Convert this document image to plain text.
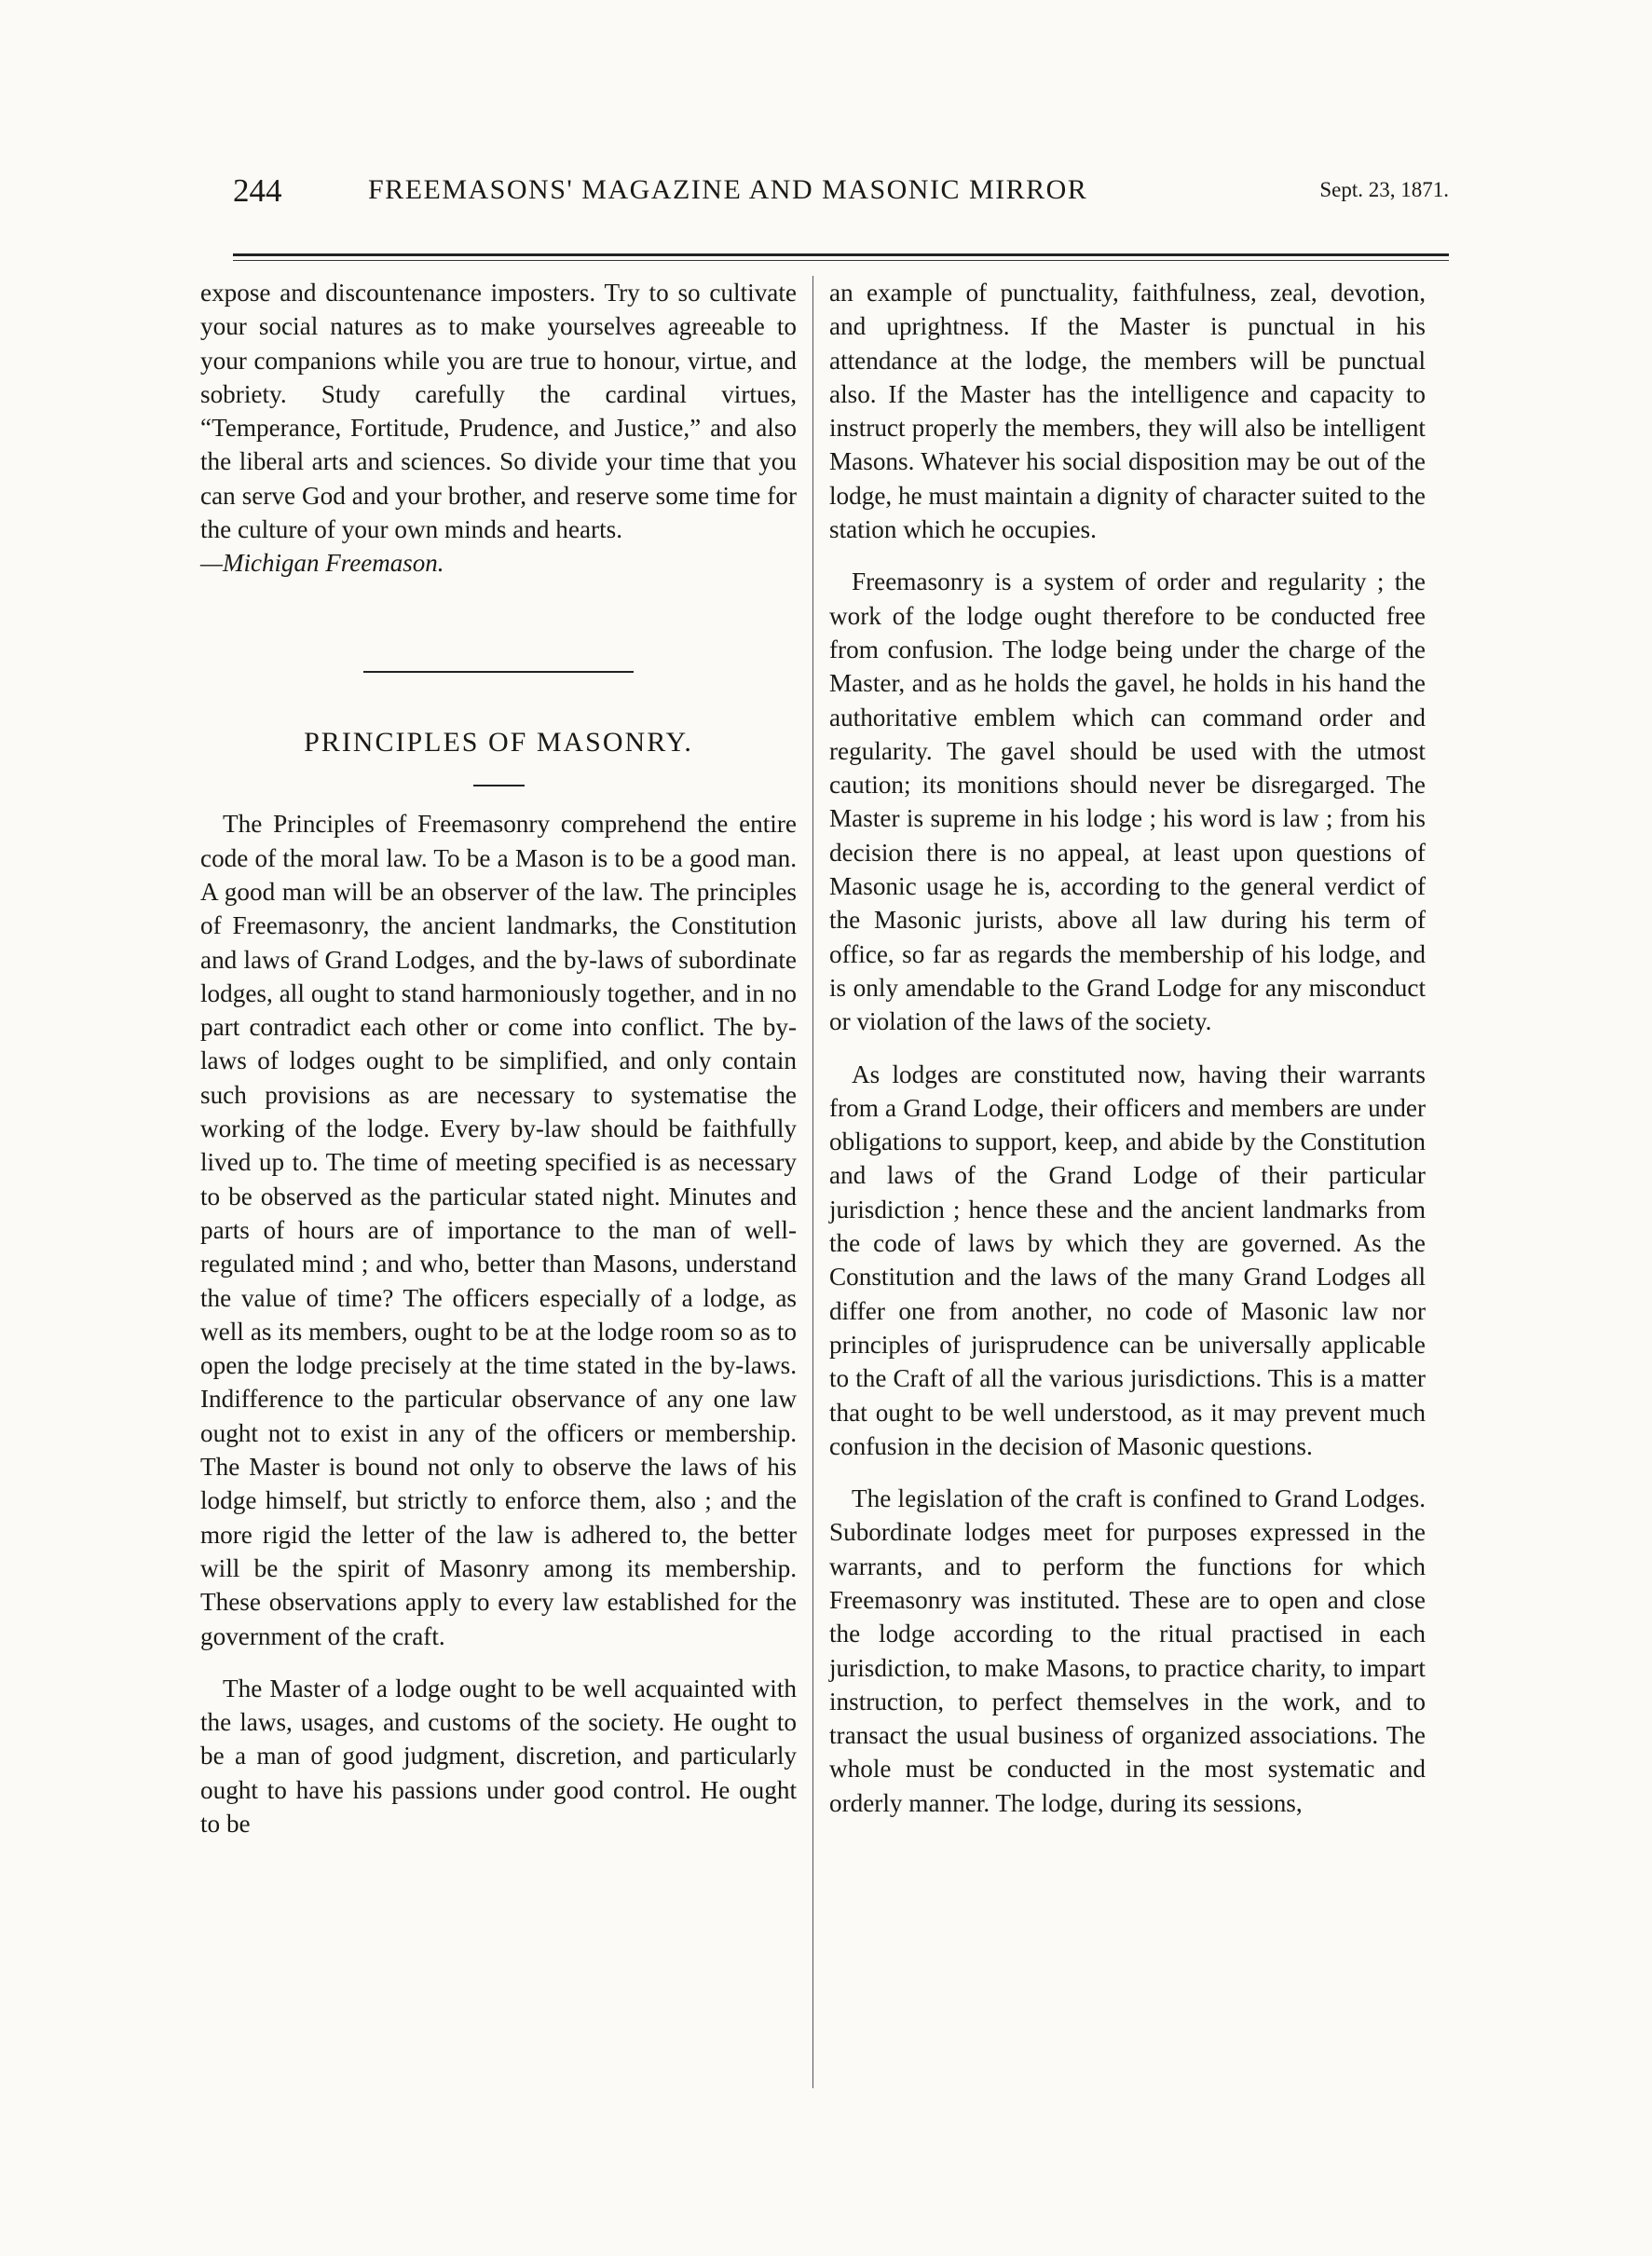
244	FREEMASONS' MAGAZINE AND MASONIC MIRROR	Sept. 23, 1871.

expose and discountenance imposters. Try to so cultivate your social natures as to make yourselves agreeable to your companions while you are true to honour, virtue, and sobriety. Study carefully the cardinal virtues, “Temperance, Fortitude, Prudence, and Justice,” and also the liberal arts and sciences. So divide your time that you can serve God and your brother, and reserve some time for the culture of your own minds and hearts.

—Michigan Freemason.

PRINCIPLES OF MASONRY.

The Principles of Freemasonry comprehend the entire code of the moral law. To be a Mason is to be a good man. A good man will be an observer of the law. The principles of Freemasonry, the ancient landmarks, the Constitution and laws of Grand Lodges, and the by-laws of subordinate lodges, all ought to stand harmoniously together, and in no part contradict each other or come into conflict. The by-laws of lodges ought to be simplified, and only contain such provisions as are necessary to systematise the working of the lodge. Every by-law should be faithfully lived up to. The time of meeting specified is as necessary to be observed as the particular stated night. Minutes and parts of hours are of importance to the man of well-regulated mind ; and who, better than Masons, understand the value of time? The officers especially of a lodge, as well as its members, ought to be at the lodge room so as to open the lodge precisely at the time stated in the by-laws. Indifference to the particular observance of any one law ought not to exist in any of the officers or membership. The Master is bound not only to observe the laws of his lodge himself, but strictly to enforce them, also ; and the more rigid the letter of the law is adhered to, the better will be the spirit of Masonry among its membership. These observations apply to every law established for the government of the craft.

The Master of a lodge ought to be well acquainted with the laws, usages, and customs of the society. He ought to be a man of good judgment, discretion, and particularly ought to have his passions under good control. He ought to be

an example of punctuality, faithfulness, zeal, devotion, and uprightness. If the Master is punctual in his attendance at the lodge, the members will be punctual also. If the Master has the intelligence and capacity to instruct properly the members, they will also be intelligent Masons. Whatever his social disposition may be out of the lodge, he must maintain a dignity of character suited to the station which he occupies.

Freemasonry is a system of order and regularity ; the work of the lodge ought therefore to be conducted free from confusion. The lodge being under the charge of the Master, and as he holds the gavel, he holds in his hand the authoritative emblem which can command order and regularity. The gavel should be used with the utmost caution; its monitions should never be disregarged. The Master is supreme in his lodge ; his word is law ; from his decision there is no appeal, at least upon questions of Masonic usage he is, according to the general verdict of the Masonic jurists, above all law during his term of office, so far as regards the membership of his lodge, and is only amendable to the Grand Lodge for any misconduct or violation of the laws of the society.

As lodges are constituted now, having their warrants from a Grand Lodge, their officers and members are under obligations to support, keep, and abide by the Constitution and laws of the Grand Lodge of their particular jurisdiction ; hence these and the ancient landmarks from the code of laws by which they are governed. As the Constitution and the laws of the many Grand Lodges all differ one from another, no code of Masonic law nor principles of jurisprudence can be universally applicable to the Craft of all the various jurisdictions. This is a matter that ought to be well understood, as it may prevent much confusion in the decision of Masonic questions.

The legislation of the craft is confined to Grand Lodges. Subordinate lodges meet for purposes expressed in the warrants, and to perform the functions for which Freemasonry was instituted. These are to open and close the lodge according to the ritual practised in each jurisdiction, to make Masons, to practice charity, to impart instruction, to perfect themselves in the work, and to transact the usual business of organized associations. The whole must be conducted in the most systematic and orderly manner. The lodge, during its sessions,
